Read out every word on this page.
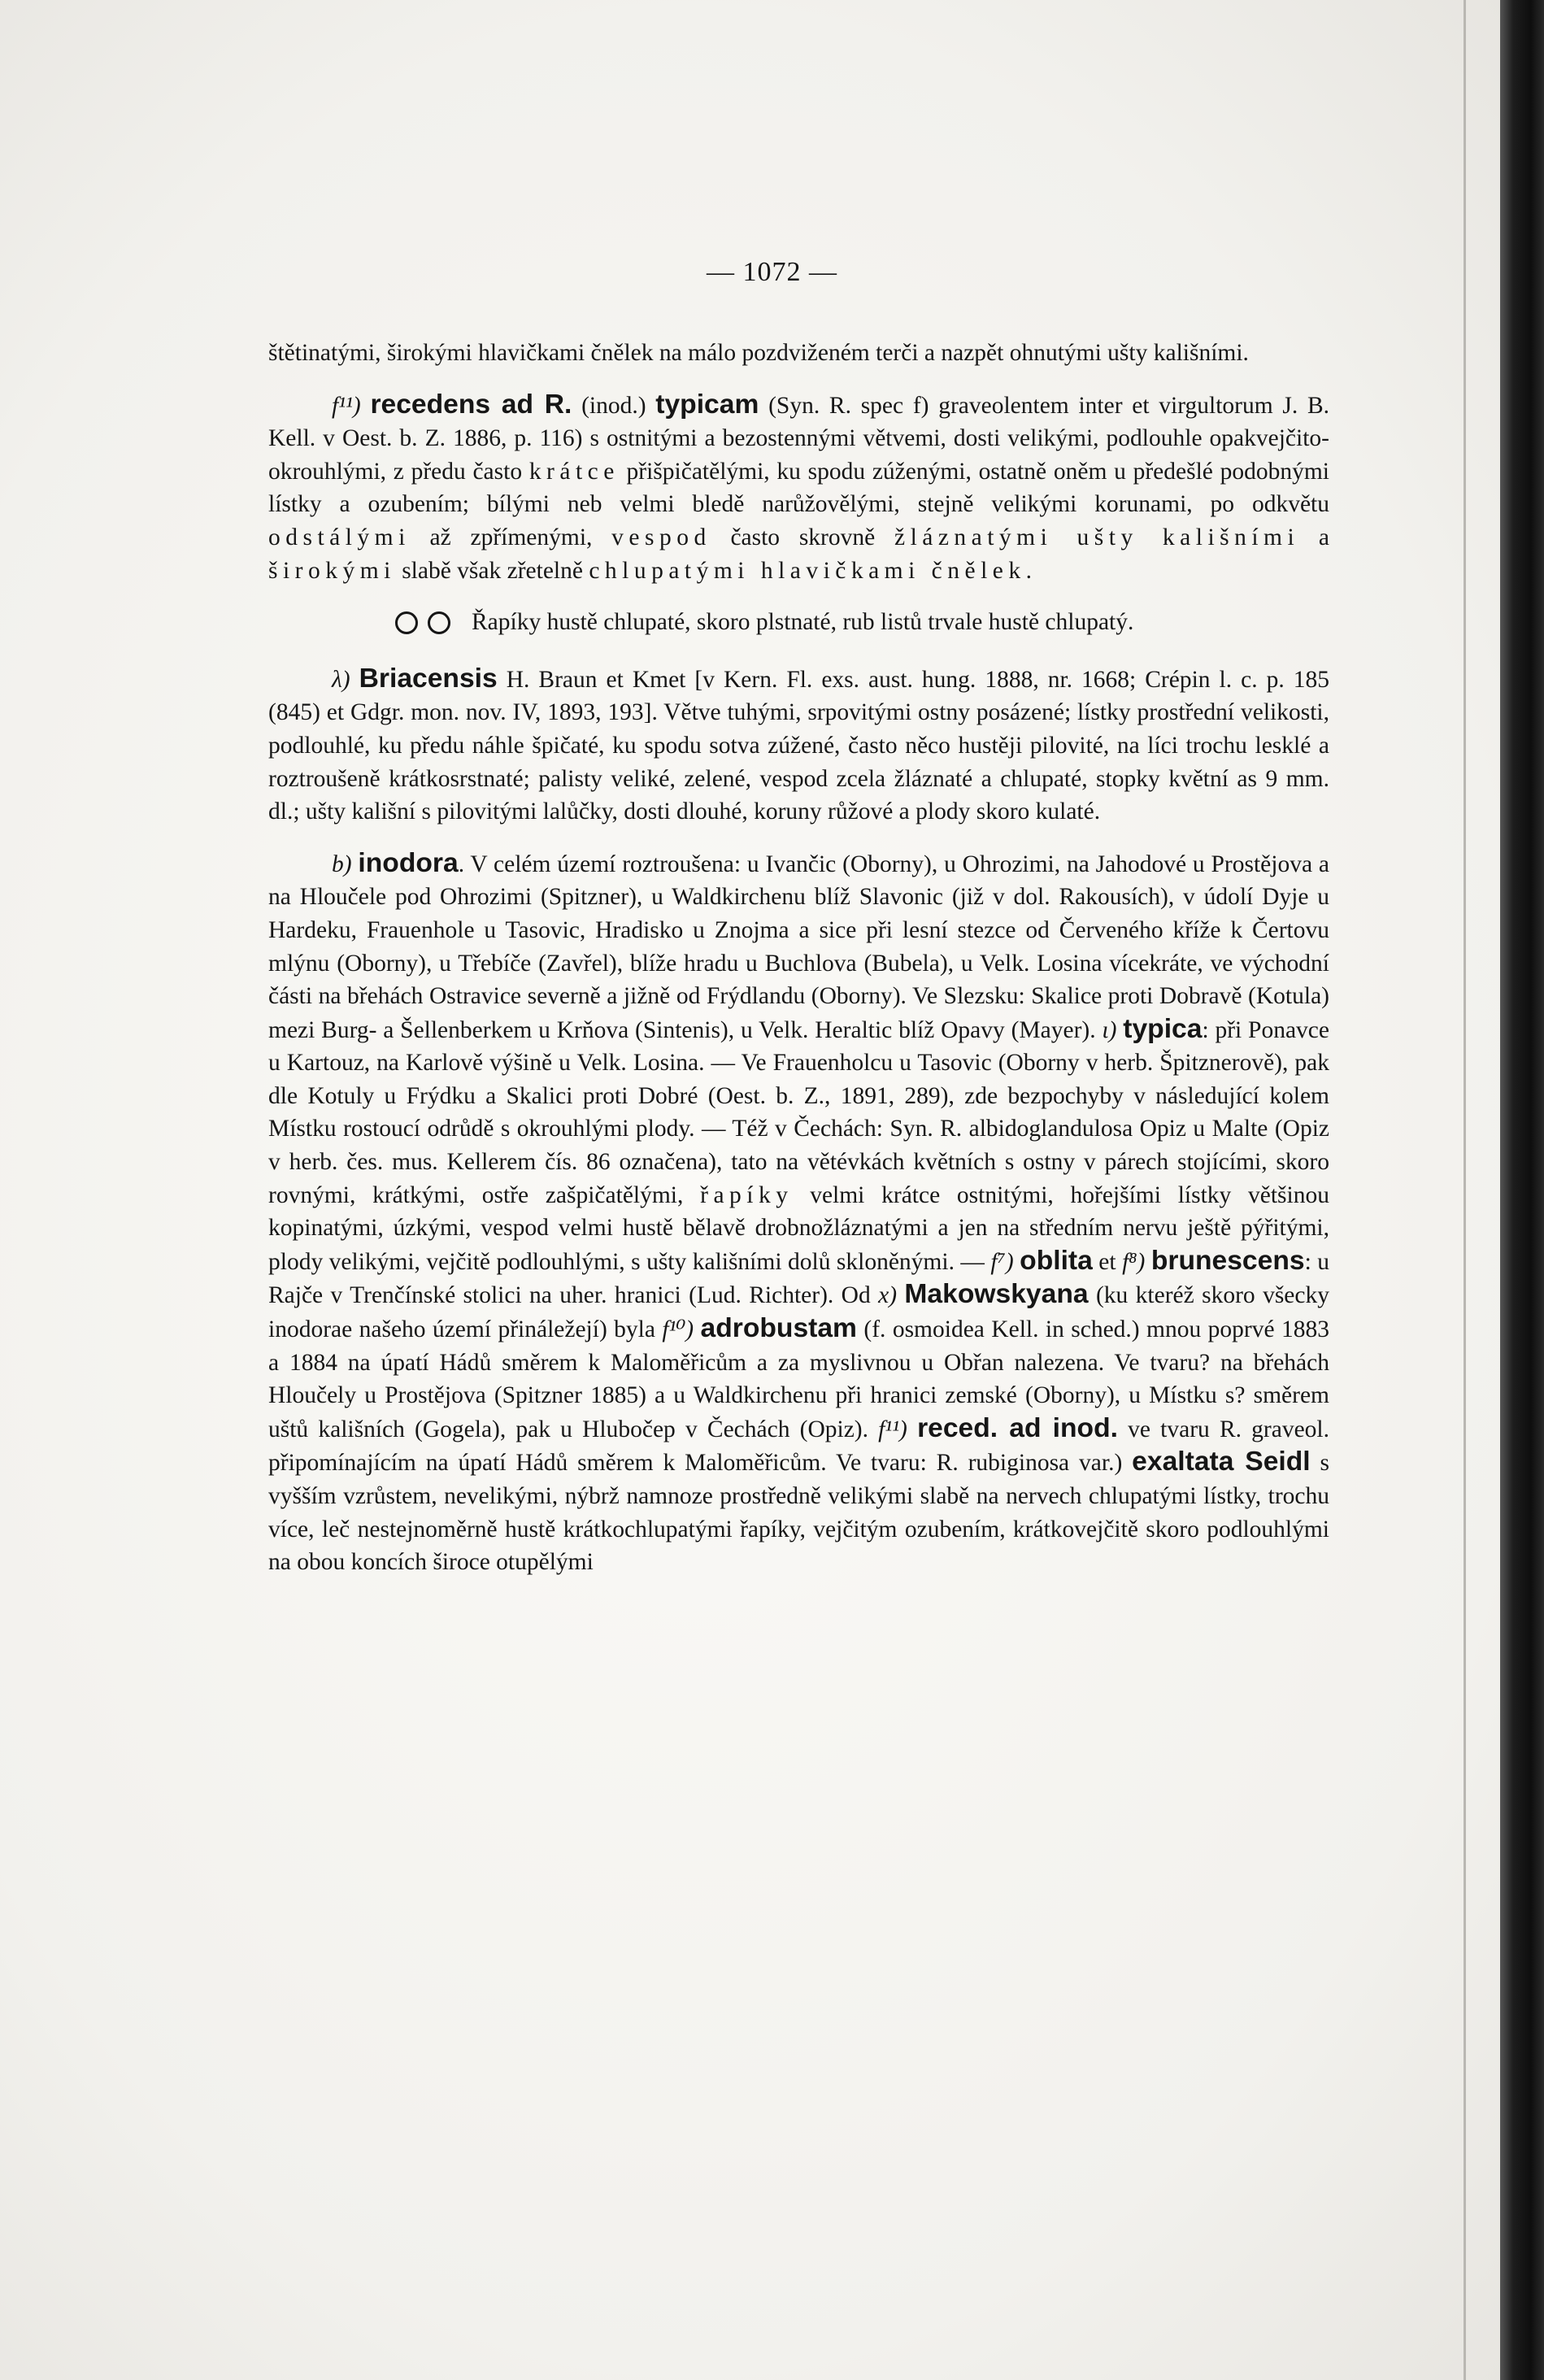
— 1072 —

štětinatými, širokými hlavičkami čnělek na málo pozdviženém terči a nazpět ohnutými ušty kališními.

f¹¹) recedens ad R. (inod.) typicam (Syn. R. spec f) graveolentem inter et virgultorum J. B. Kell. v Oest. b. Z. 1886, p. 116) s ostnitými a bezostennými větvemi, dosti velikými, podlouhle opakvejčito-okrouhlými, z předu často krátce přišpičatělými, ku spodu zúženými, ostatně oněm u předešlé podobnými lístky a ozubením; bílými neb velmi bledě narůžovělými, stejně velikými korunami, po odkvětu odstálými až zpřímenými, vespod často skrovně žláznatými ušty kališními a širokými slabě však zřetelně chlupatými hlavičkami čnělek.

Řapíky hustě chlupaté, skoro plstnaté, rub listů trvale hustě chlupatý.

λ) Briacensis H. Braun et Kmet [v Kern. Fl. exs. aust. hung. 1888, nr. 1668; Crépin l. c. p. 185 (845) et Gdgr. mon. nov. IV, 1893, 193]. Větve tuhými, srpovitými ostny posázené; lístky prostřední velikosti, podlouhlé, ku předu náhle špičaté, ku spodu sotva zúžené, často něco hustěji pilovité, na líci trochu lesklé a roztroušeně krátkosrstnaté; palisty veliké, zelené, vespod zcela žláznaté a chlupaté, stopky květní as 9 mm. dl.; ušty kališní s pilovitými lalůčky, dosti dlouhé, koruny růžové a plody skoro kulaté.

b) inodora. V celém území roztroušena: u Ivančic (Oborny), u Ohrozimi, na Jahodové u Prostějova a na Hloučele pod Ohrozimi (Spitzner), u Waldkirchenu blíž Slavonic (již v dol. Rakousích), v údolí Dyje u Hardeku, Frauenhole u Tasovic, Hradisko u Znojma a sice při lesní stezce od Červeného kříže k Čertovu mlýnu (Oborny), u Třebíče (Zavřel), blíže hradu u Buchlova (Bubela), u Velk. Losina vícekráte, ve východní části na břehách Ostravice severně a jižně od Frýdlandu (Oborny). Ve Slezsku: Skalice proti Dobravě (Kotula) mezi Burg- a Šellenberkem u Krňova (Sintenis), u Velk. Heraltic blíž Opavy (Mayer). ι) typica: při Ponavce u Kartouz, na Karlově výšině u Velk. Losina. — Ve Frauenholcu u Tasovic (Oborny v herb. Špitznerově), pak dle Kotuly u Frýdku a Skalici proti Dobré (Oest. b. Z., 1891, 289), zde bezpochyby v následující kolem Místku rostoucí odrůdě s okrouhlými plody. — Též v Čechách: Syn. R. albidoglandulosa Opiz u Malte (Opiz v herb. čes. mus. Kellerem čís. 86 označena), tato na větévkách květních s ostny v párech stojícími, skoro rovnými, krátkými, ostře zašpičatělými, řapíky velmi krátce ostnitými, hořejšími lístky většinou kopinatými, úzkými, vespod velmi hustě bělavě drobnožláznatými a jen na středním nervu ještě pýřitými, plody velikými, vejčitě podlouhlými, s ušty kališními dolů skloněnými. — f⁷) oblita et f⁸) brunescens: u Rajče v Trenčínské stolici na uher. hranici (Lud. Richter). Od x) Makowskyana (ku kteréž skoro všecky inodorae našeho území přináležejí) byla f¹⁰) adrobustam (f. osmoidea Kell. in sched.) mnou poprvé 1883 a 1884 na úpatí Hádů směrem k Maloměřicům a za myslivnou u Obřan nalezena. Ve tvaru? na břehách Hloučely u Prostějova (Spitzner 1885) a u Waldkirchenu při hranici zemské (Oborny), u Místku s? směrem uštů kališních (Gogela), pak u Hlubočep v Čechách (Opiz). f¹¹) reced. ad inod. ve tvaru R. graveol. připomínajícím na úpatí Hádů směrem k Maloměřicům. Ve tvaru: R. rubiginosa var.) exaltata Seidl s vyšším vzrůstem, nevelikými, nýbrž namnoze prostředně velikými slabě na nervech chlupatými lístky, trochu více, leč nestejnoměrně hustě krátkochlupatými řapíky, vejčitým ozubením, krátkovejčitě skoro podlouhlými na obou koncích široce otupělými
